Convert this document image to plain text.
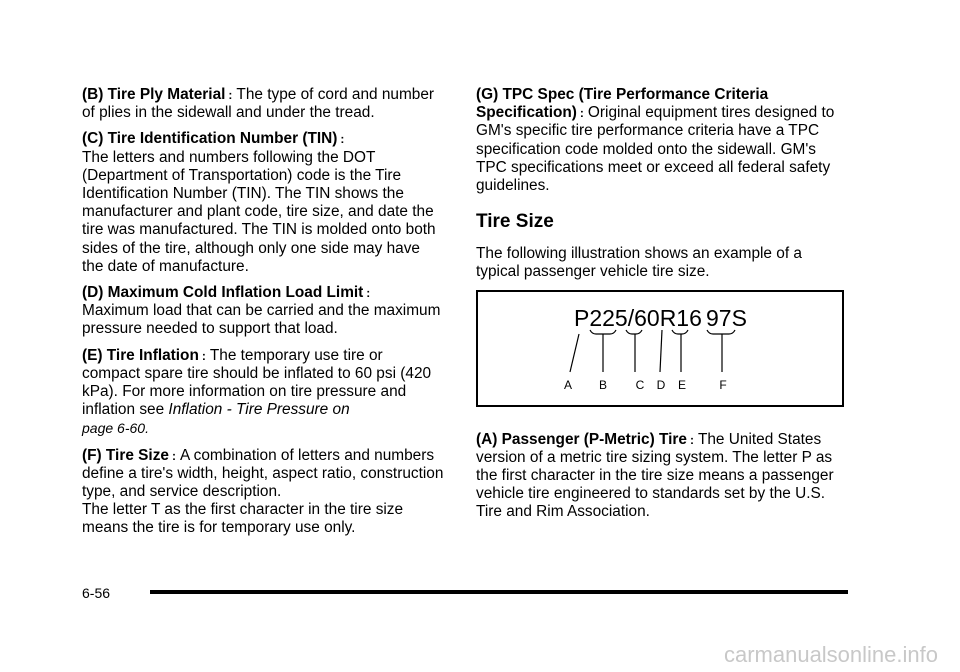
(B) Tire Ply Material : The type of cord and number of plies in the sidewall and under the tread.

(C) Tire Identification Number (TIN) :
The letters and numbers following the DOT (Department of Transportation) code is the Tire Identification Number (TIN). The TIN shows the manufacturer and plant code, tire size, and date the tire was manufactured. The TIN is molded onto both sides of the tire, although only one side may have the date of manufacture.

(D) Maximum Cold Inflation Load Limit :
Maximum load that can be carried and the maximum pressure needed to support that load.

(E) Tire Inflation : The temporary use tire or compact spare tire should be inflated to 60 psi (420 kPa). For more information on tire pressure and inflation see Inflation - Tire Pressure on
page 6-60.

(F) Tire Size : A combination of letters and numbers define a tire's width, height, aspect ratio, construction type, and service description.
The letter T as the first character in the tire size means the tire is for temporary use only.

(G) TPC Spec (Tire Performance Criteria Specification) : Original equipment tires designed to GM's specific tire performance criteria have a TPC specification code molded onto the sidewall. GM's TPC specifications meet or exceed all federal safety guidelines.

Tire Size

The following illustration shows an example of a typical passenger vehicle tire size.

P225/60R16 97S
A B C D E	F

(A) Passenger (P-Metric) Tire : The United States version of a metric tire sizing system. The letter P as the first character in the tire size means a passenger vehicle tire engineered to standards set by the U.S. Tire and Rim Association.

6-56
carmanualsonline.info
